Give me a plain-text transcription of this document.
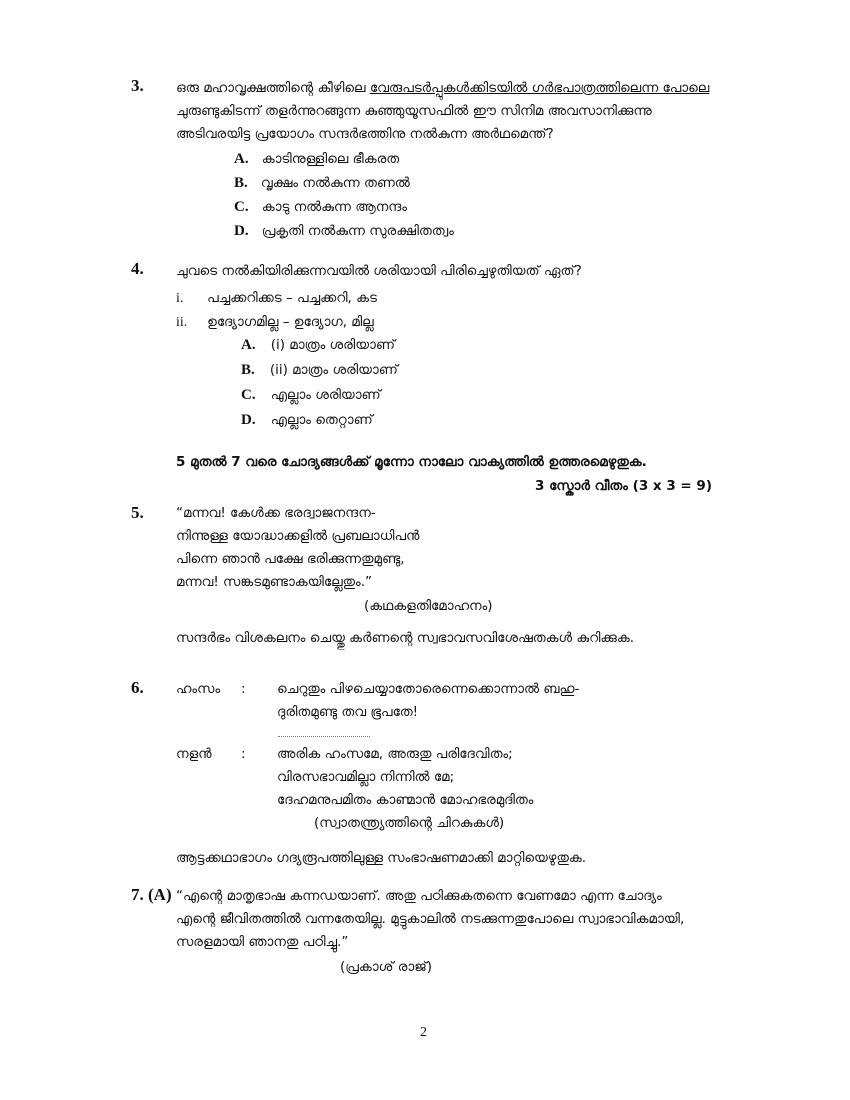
3. ഒരു മഹാവൃക്ഷത്തിന്റെ കീഴിലെ വേരുപടർപ്പുകൾക്കിടയിൽ ഗർഭപാത്രത്തിലെന്ന പോലെ
ചുരുണ്ടുകിടന്ന് തളർന്നുറങ്ങുന്ന കുഞ്ഞുയൂസഫിൽ ഈ സിനിമ അവസാനിക്കുന്നു
അടിവരയിട്ട പ്രയോഗം സന്ദർഭത്തിനു നൽകുന്ന അർഥമെന്ത്?
A. കാടിനുള്ളിലെ ഭീകരത
B. വൃക്ഷം നൽകുന്ന തണൽ
C. കാടു നൽകുന്ന ആനന്ദം
D. പ്രകൃതി നൽകുന്ന സുരക്ഷിതത്വം
4. ചുവടെ നൽകിയിരിക്കുന്നവയിൽ ശരിയായി പിരിച്ചെഴുതിയത് ഏത്?
i. പച്ചക്കറിക്കട – പച്ചക്കറി, കട
ii. ഉദ്യോഗമില്ല – ഉദ്യോഗ, മില്ല
A. (i) മാത്രം ശരിയാണ്
B. (ii) മാത്രം ശരിയാണ്
C. എല്ലാം ശരിയാണ്
D. എല്ലാം തെറ്റാണ്
5 മുതൽ 7 വരെ ചോദ്യങ്ങൾക്ക് മൂന്നോ നാലോ വാക്യത്തിൽ ഉത്തരമെഴുതുക.
3 സ്കോർ വീതം (3 x 3 = 9)
5. “മന്നവ! കേൾക്ക ഭരദ്വാജനന്ദന-
നിന്നുള്ള യോദ്ധാക്കളിൽ പ്രബലാധിപൻ
പിന്നെ ഞാൻ പക്ഷേ ഭരിക്കുന്നതുമുണ്ടു,
മന്നവ! സങ്കടമുണ്ടാകയില്ലേതും.”
(കഥകളതിമോഹനം)
സന്ദർഭം വിശകലനം ചെയ്തു കർണന്റെ സ്വഭാവസവിശേഷതകൾ കുറിക്കുക.
6. ഹംസം : ചെറുതും പിഴചെയ്യാതോരെന്നെക്കൊന്നാൽ ബഹു-
ദുരിതമുണ്ടു തവ ഭൂപതേ!
നളൻ : അരിക ഹംസമേ, അരുതു പരിദേവിതം;
വിരസഭാവമില്ലാ നിന്നിൽ മേ;
ദേഹമനുപമിതം കാണ്മാൻ മോഹഭരമുദിതം
(സ്വാതന്ത്ര്യത്തിന്റെ ചിറകുകൾ)
ആട്ടക്കഥാഭാഗം ഗദ്യരൂപത്തിലുള്ള സംഭാഷണമാക്കി മാറ്റിയെഴുതുക.
7. (A) “എന്റെ മാതൃഭാഷ കന്നഡയാണ്. അതു പഠിക്കുകതന്നെ വേണമോ എന്ന ചോദ്യം
എന്റെ ജീവിതത്തിൽ വന്നതേയില്ല. മുട്ടുകാലിൽ നടക്കുന്നതുപോലെ സ്വാഭാവികമായി,
സരളമായി ഞാനതു പഠിച്ചു.”
(പ്രകാശ് രാജ്)
2
